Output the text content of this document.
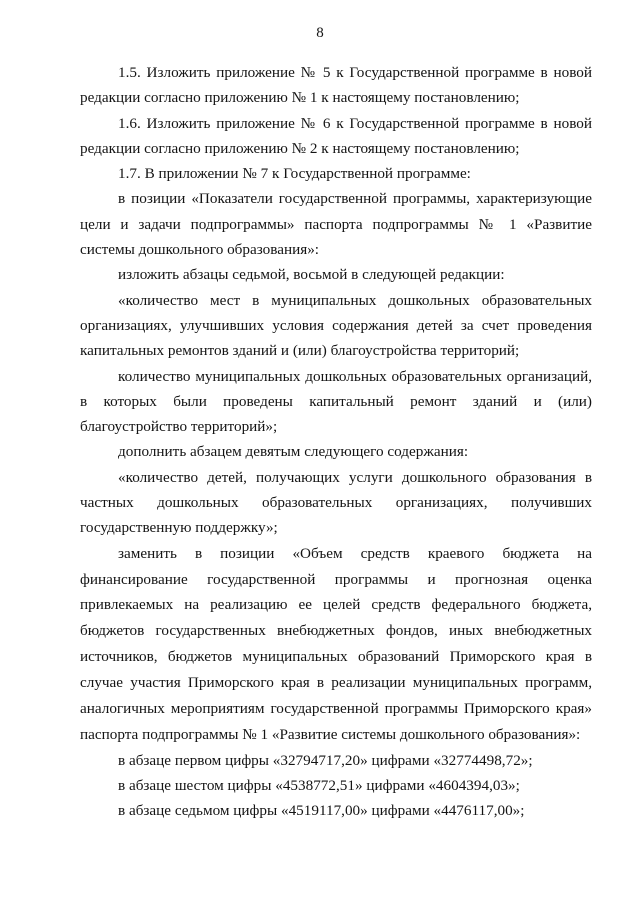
8

1.5. Изложить приложение № 5 к Государственной программе в новой редакции согласно приложению № 1 к настоящему постановлению;

1.6. Изложить приложение № 6 к Государственной программе в новой редакции согласно приложению № 2 к настоящему постановлению;

1.7. В приложении № 7 к Государственной программе:

в позиции «Показатели государственной программы, характеризующие цели и задачи подпрограммы» паспорта подпрограммы № 1 «Развитие системы дошкольного образования»:

изложить абзацы седьмой, восьмой в следующей редакции:

«количество мест в муниципальных дошкольных образовательных организациях, улучшивших условия содержания детей за счет проведения капитальных ремонтов зданий и (или) благоустройства территорий;

количество муниципальных дошкольных образовательных организаций, в которых были проведены капитальный ремонт зданий и (или) благоустройство территорий»;

дополнить абзацем девятым следующего содержания:

«количество детей, получающих услуги дошкольного образования в частных дошкольных образовательных организациях, получивших государственную поддержку»;

заменить в позиции «Объем средств краевого бюджета на финансирование государственной программы и прогнозная оценка привлекаемых на реализацию ее целей средств федерального бюджета, бюджетов государственных внебюджетных фондов, иных внебюджетных источников, бюджетов муниципальных образований Приморского края в случае участия Приморского края в реализации муниципальных программ, аналогичных мероприятиям государственной программы Приморского края» паспорта подпрограммы № 1 «Развитие системы дошкольного образования»:

в абзаце первом цифры «32794717,20» цифрами «32774498,72»;

в абзаце шестом цифры «4538772,51» цифрами «4604394,03»;

в абзаце седьмом цифры «4519117,00» цифрами «4476117,00»;
